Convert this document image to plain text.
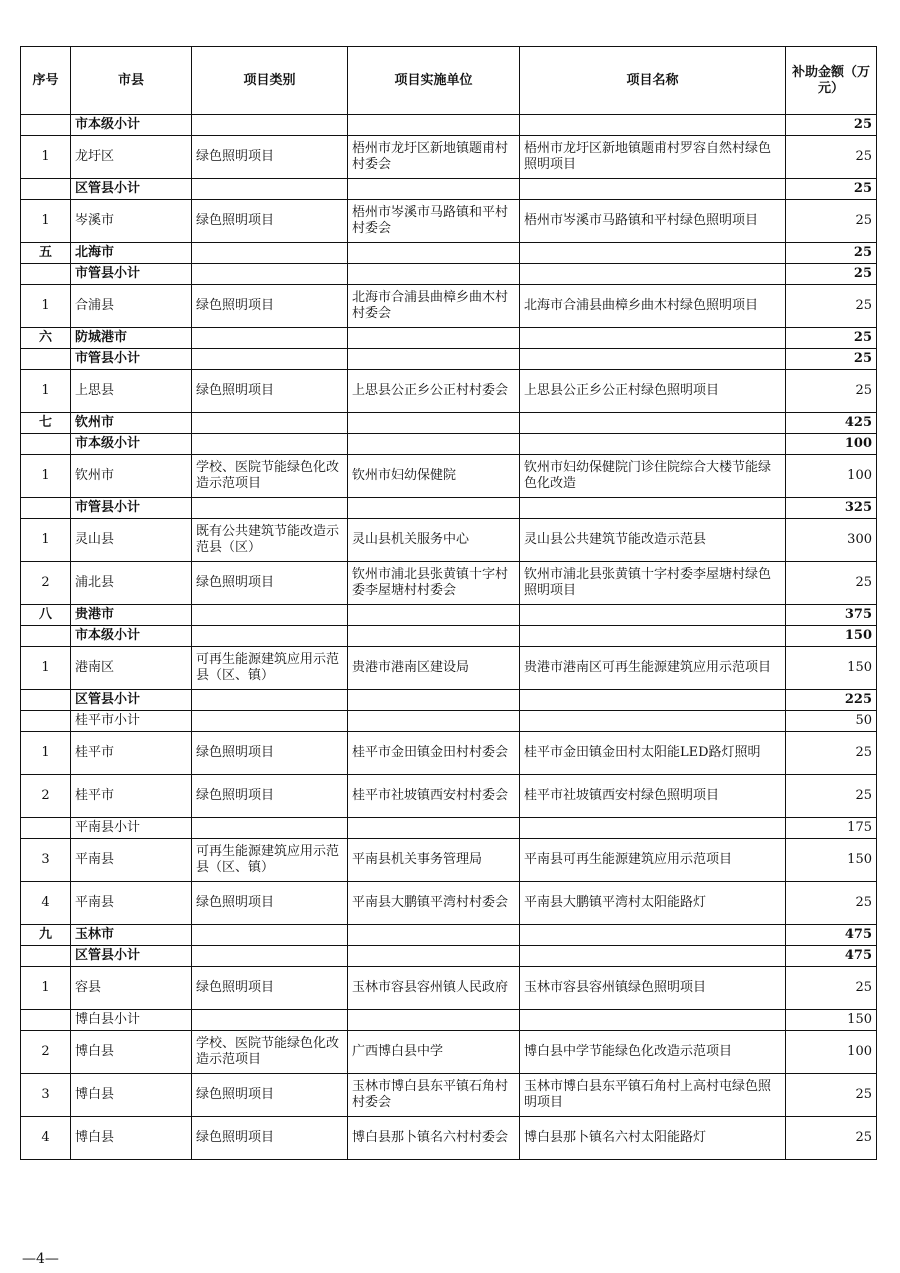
序号	市县	项目类别	项目实施单位	项目名称	补助金额（万元）
	市本级小计				25
1	龙圩区	绿色照明项目	梧州市龙圩区新地镇题甫村村委会	梧州市龙圩区新地镇题甫村罗容自然村绿色照明项目	25
	区管县小计				25
1	岑溪市	绿色照明项目	梧州市岑溪市马路镇和平村村委会	梧州市岑溪市马路镇和平村绿色照明项目	25
五	北海市				25
	市管县小计				25
1	合浦县	绿色照明项目	北海市合浦县曲樟乡曲木村村委会	北海市合浦县曲樟乡曲木村绿色照明项目	25
六	防城港市				25
	市管县小计				25
1	上思县	绿色照明项目	上思县公正乡公正村村委会	上思县公正乡公正村绿色照明项目	25
七	钦州市				425
	市本级小计				100
1	钦州市	学校、医院节能绿色化改造示范项目	钦州市妇幼保健院	钦州市妇幼保健院门诊住院综合大楼节能绿色化改造	100
	市管县小计				325
1	灵山县	既有公共建筑节能改造示范县（区）	灵山县机关服务中心	灵山县公共建筑节能改造示范县	300
2	浦北县	绿色照明项目	钦州市浦北县张黄镇十字村委李屋塘村村委会	钦州市浦北县张黄镇十字村委李屋塘村绿色照明项目	25
八	贵港市				375
	市本级小计				150
1	港南区	可再生能源建筑应用示范县（区、镇）	贵港市港南区建设局	贵港市港南区可再生能源建筑应用示范项目	150
	区管县小计				225
	桂平市小计				50
1	桂平市	绿色照明项目	桂平市金田镇金田村村委会	桂平市金田镇金田村太阳能LED路灯照明	25
2	桂平市	绿色照明项目	桂平市社坡镇西安村村委会	桂平市社坡镇西安村绿色照明项目	25
	平南县小计				175
3	平南县	可再生能源建筑应用示范县（区、镇）	平南县机关事务管理局	平南县可再生能源建筑应用示范项目	150
4	平南县	绿色照明项目	平南县大鹏镇平湾村村委会	平南县大鹏镇平湾村太阳能路灯	25
九	玉林市				475
	区管县小计				475
1	容县	绿色照明项目	玉林市容县容州镇人民政府	玉林市容县容州镇绿色照明项目	25
	博白县小计				150
2	博白县	学校、医院节能绿色化改造示范项目	广西博白县中学	博白县中学节能绿色化改造示范项目	100
3	博白县	绿色照明项目	玉林市博白县东平镇石角村村委会	玉林市博白县东平镇石角村上高村屯绿色照明项目	25
4	博白县	绿色照明项目	博白县那卜镇名六村村委会	博白县那卜镇名六村太阳能路灯	25
—4—
